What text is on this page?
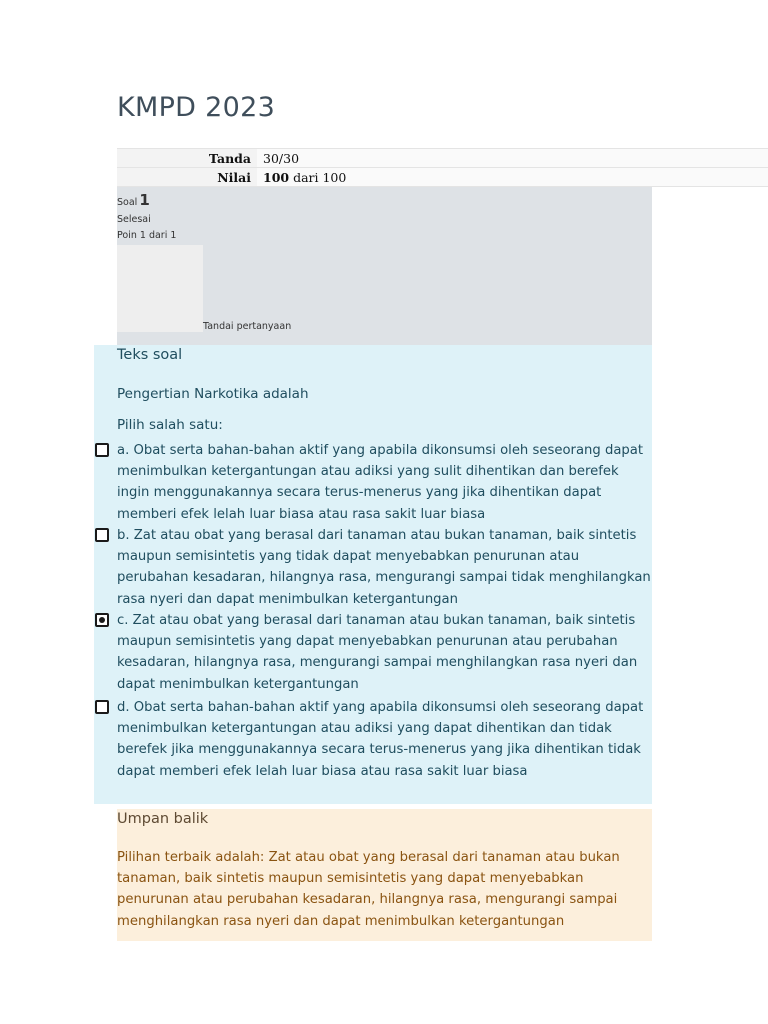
KMPD 2023
Tanda	30/30
Nilai	100 dari 100
Soal 1
Selesai
Poin 1 dari 1
Tandai pertanyaan
Teks soal
Pengertian Narkotika adalah
Pilih salah satu:
a. Obat serta bahan-bahan aktif yang apabila dikonsumsi oleh seseorang dapat menimbulkan ketergantungan atau adiksi yang sulit dihentikan dan berefek ingin menggunakannya secara terus-menerus yang jika dihentikan dapat memberi efek lelah luar biasa atau rasa sakit luar biasa
b. Zat atau obat yang berasal dari tanaman atau bukan tanaman, baik sintetis maupun semisintetis yang tidak dapat menyebabkan penurunan atau perubahan kesadaran, hilangnya rasa, mengurangi sampai tidak menghilangkan rasa nyeri dan dapat menimbulkan ketergantungan
c. Zat atau obat yang berasal dari tanaman atau bukan tanaman, baik sintetis maupun semisintetis yang dapat menyebabkan penurunan atau perubahan kesadaran, hilangnya rasa, mengurangi sampai menghilangkan rasa nyeri dan dapat menimbulkan ketergantungan
d. Obat serta bahan-bahan aktif yang apabila dikonsumsi oleh seseorang dapat menimbulkan ketergantungan atau adiksi yang dapat dihentikan dan tidak berefek jika menggunakannya secara terus-menerus yang jika dihentikan tidak dapat memberi efek lelah luar biasa atau rasa sakit luar biasa
Umpan balik
Pilihan terbaik adalah: Zat atau obat yang berasal dari tanaman atau bukan tanaman, baik sintetis maupun semisintetis yang dapat menyebabkan penurunan atau perubahan kesadaran, hilangnya rasa, mengurangi sampai menghilangkan rasa nyeri dan dapat menimbulkan ketergantungan
